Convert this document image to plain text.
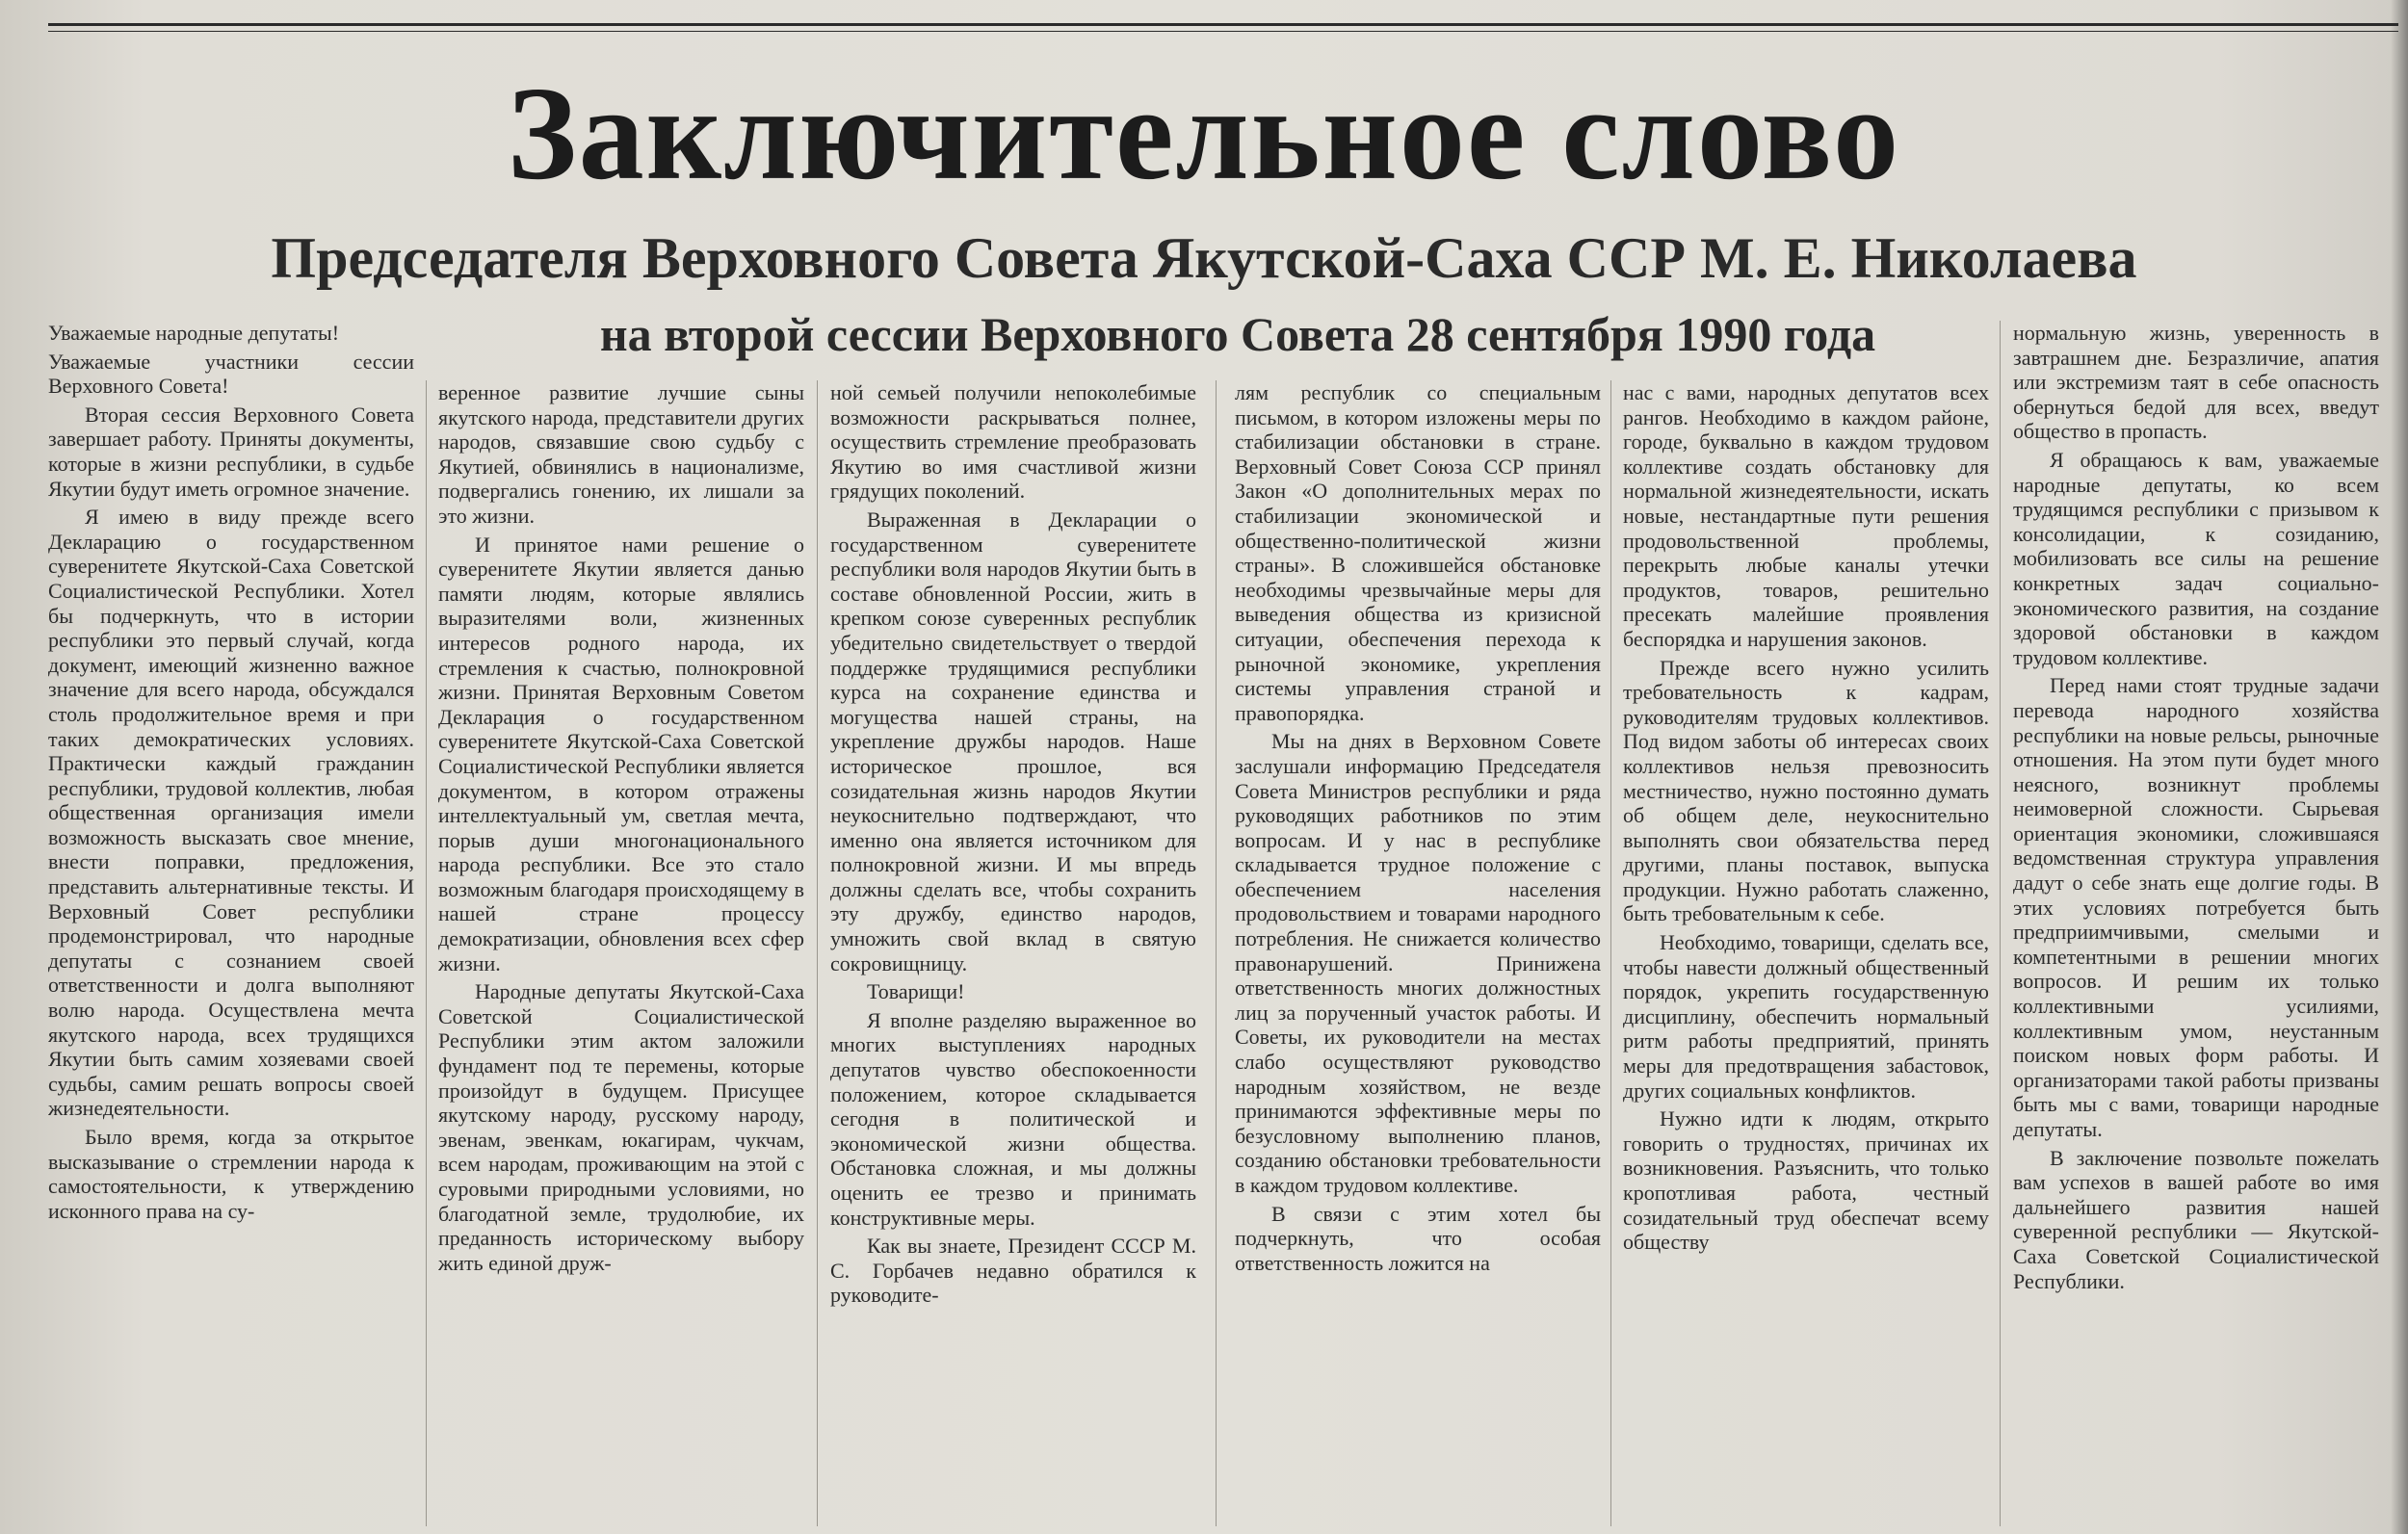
Заключительное слово
Председателя Верховного Совета Якутской-Саха ССР М. Е. Николаева
на второй сессии Верховного Совета 28 сентября 1990 года

Уважаемые народные депутаты!

Уважаемые участники сессии Верховного Совета!

Вторая сессия Верховного Совета завершает работу. Приняты документы, которые в жизни республики, в судьбе Якутии будут иметь огромное значение.

Я имею в виду прежде всего Декларацию о государственном суверенитете Якутской-Саха Советской Социалистической Республики. Хотел бы подчеркнуть, что в истории республики это первый случай, когда документ, имеющий жизненно важное значение для всего народа, обсуждался столь продолжительное время и при таких демократических условиях. Практически каждый гражданин республики, трудовой коллектив, любая общественная организация имели возможность высказать свое мнение, внести поправки, предложения, представить альтернативные тексты. И Верховный Совет республики продемонстрировал, что народные депутаты с сознанием своей ответственности и долга выполняют волю народа. Осуществлена мечта якутского народа, всех трудящихся Якутии быть самим хозяевами своей судьбы, самим решать вопросы своей жизнедеятельности.

Было время, когда за открытое высказывание о стремлении народа к самостоятельности, к утверждению исконного права на су-

веренное развитие лучшие сыны якутского народа, представители других народов, связавшие свою судьбу с Якутией, обвинялись в национализме, подвергались гонению, их лишали за это жизни.

И принятое нами решение о суверенитете Якутии является данью памяти людям, которые являлись выразителями воли, жизненных интересов родного народа, их стремления к счастью, полнокровной жизни. Принятая Верховным Советом Декларация о государственном суверенитете Якутской-Саха Советской Социалистической Республики является документом, в котором отражены интеллектуальный ум, светлая мечта, порыв души многонационального народа республики. Все это стало возможным благодаря происходящему в нашей стране процессу демократизации, обновления всех сфер жизни.

Народные депутаты Якутской-Саха Советской Социалистической Республики этим актом заложили фундамент под те перемены, которые произойдут в будущем. Присущее якутскому народу, русскому народу, эвенам, эвенкам, юкагирам, чукчам, всем народам, проживающим на этой с суровыми природными условиями, но благодатной земле, трудолюбие, их преданность историческому выбору жить единой друж-

ной семьей получили непоколебимые возможности раскрываться полнее, осуществить стремление преобразовать Якутию во имя счастливой жизни грядущих поколений.

Выраженная в Декларации о государственном суверенитете республики воля народов Якутии быть в составе обновленной России, жить в крепком союзе суверенных республик убедительно свидетельствует о твердой поддержке трудящимися республики курса на сохранение единства и могущества нашей страны, на укрепление дружбы народов. Наше историческое прошлое, вся созидательная жизнь народов Якутии неукоснительно подтверждают, что именно она является источником для полнокровной жизни. И мы впредь должны сделать все, чтобы сохранить эту дружбу, единство народов, умножить свой вклад в святую сокровищницу.

Товарищи!

Я вполне разделяю выраженное во многих выступлениях народных депутатов чувство обеспокоенности положением, которое складывается сегодня в политической и экономической жизни общества. Обстановка сложная, и мы должны оценить ее трезво и принимать конструктивные меры.

Как вы знаете, Президент СССР М. С. Горбачев недавно обратился к руководите-

лям республик со специальным письмом, в котором изложены меры по стабилизации обстановки в стране. Верховный Совет Союза ССР принял Закон «О дополнительных мерах по стабилизации экономической и общественно-политической жизни страны». В сложившейся обстановке необходимы чрезвычайные меры для выведения общества из кризисной ситуации, обеспечения перехода к рыночной экономике, укрепления системы управления страной и правопорядка.

Мы на днях в Верховном Совете заслушали информацию Председателя Совета Министров республики и ряда руководящих работников по этим вопросам. И у нас в республике складывается трудное положение с обеспечением населения продовольствием и товарами народного потребления. Не снижается количество правонарушений. Принижена ответственность многих должностных лиц за порученный участок работы. И Советы, их руководители на местах слабо осуществляют руководство народным хозяйством, не везде принимаются эффективные меры по безусловному выполнению планов, созданию обстановки требовательности в каждом трудовом коллективе.

В связи с этим хотел бы подчеркнуть, что особая ответственность ложится на

нас с вами, народных депутатов всех рангов. Необходимо в каждом районе, городе, буквально в каждом трудовом коллективе создать обстановку для нормальной жизнедеятельности, искать новые, нестандартные пути решения продовольственной проблемы, перекрыть любые каналы утечки продуктов, товаров, решительно пресекать малейшие проявления беспорядка и нарушения законов.

Прежде всего нужно усилить требовательность к кадрам, руководителям трудовых коллективов. Под видом заботы об интересах своих коллективов нельзя превозносить местничество, нужно постоянно думать об общем деле, неукоснительно выполнять свои обязательства перед другими, планы поставок, выпуска продукции. Нужно работать слаженно, быть требовательным к себе.

Необходимо, товарищи, сделать все, чтобы навести должный общественный порядок, укрепить государственную дисциплину, обеспечить нормальный ритм работы предприятий, принять меры для предотвращения забастовок, других социальных конфликтов.

Нужно идти к людям, открыто говорить о трудностях, причинах их возникновения. Разъяснить, что только кропотливая работа, честный созидательный труд обеспечат всему обществу

нормальную жизнь, уверенность в завтрашнем дне. Безразличие, апатия или экстремизм таят в себе опасность обернуться бедой для всех, введут общество в пропасть.

Я обращаюсь к вам, уважаемые народные депутаты, ко всем трудящимся республики с призывом к консолидации, к созиданию, мобилизовать все силы на решение конкретных задач социально-экономического развития, на создание здоровой обстановки в каждом трудовом коллективе.

Перед нами стоят трудные задачи перевода народного хозяйства республики на новые рельсы, рыночные отношения. На этом пути будет много неясного, возникнут проблемы неимоверной сложности. Сырьевая ориентация экономики, сложившаяся ведомственная структура управления дадут о себе знать еще долгие годы. В этих условиях потребуется быть предприимчивыми, смелыми и компетентными в решении многих вопросов. И решим их только коллективными усилиями, коллективным умом, неустанным поиском новых форм работы. И организаторами такой работы призваны быть мы с вами, товарищи народные депутаты.

В заключение позвольте пожелать вам успехов в вашей работе во имя дальнейшего развития нашей суверенной республики — Якутской-Саха Советской Социалистической Республики.
